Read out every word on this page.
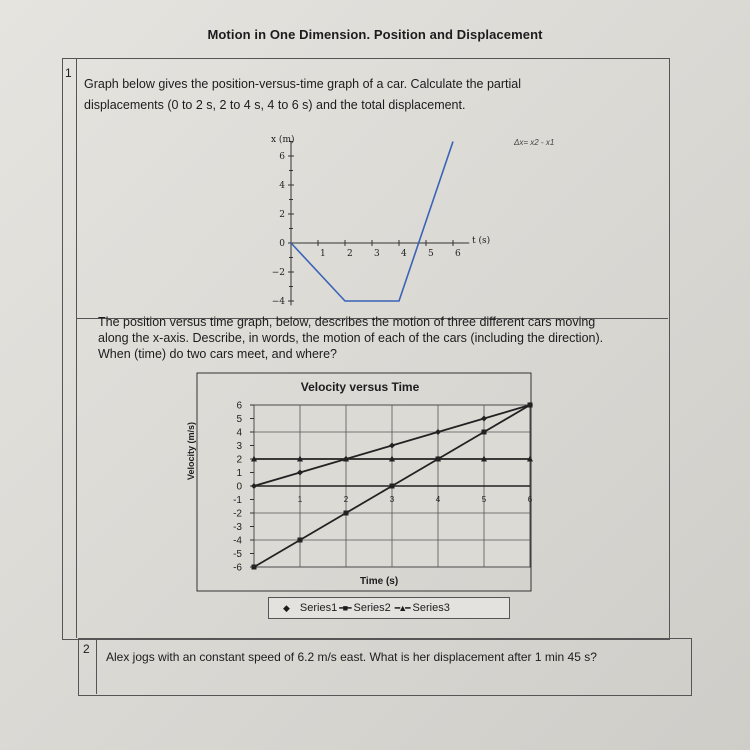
Motion in One Dimension. Position and Displacement
1
Graph below gives the position-versus-time graph of a car. Calculate the partial
displacements (0 to 2 s, 2 to 4 s, 4 to 6 s) and the total displacement.
Δx= x2 - x1
The position versus time graph, below, describes the motion of three different cars moving
along the x-axis. Describe, in words, the motion of each of the cars (including the direction).
When (time) do two cars meet, and where?
1 2 3 4 5 6
6
4
2
0
−2
−4
6
5
4
3
2
1
0
-1
-2
-3
-4
-5
-6
1	2	3	4	5	6
x (m)
t (s)
Velocity versus Time
Time (s)
Velocity (m/s)
◆ Series1 ━■━ Series2 ━▲━ Series3
2
Alex jogs with an constant speed of 6.2 m/s east. What is her displacement after 1 min 45 s?
